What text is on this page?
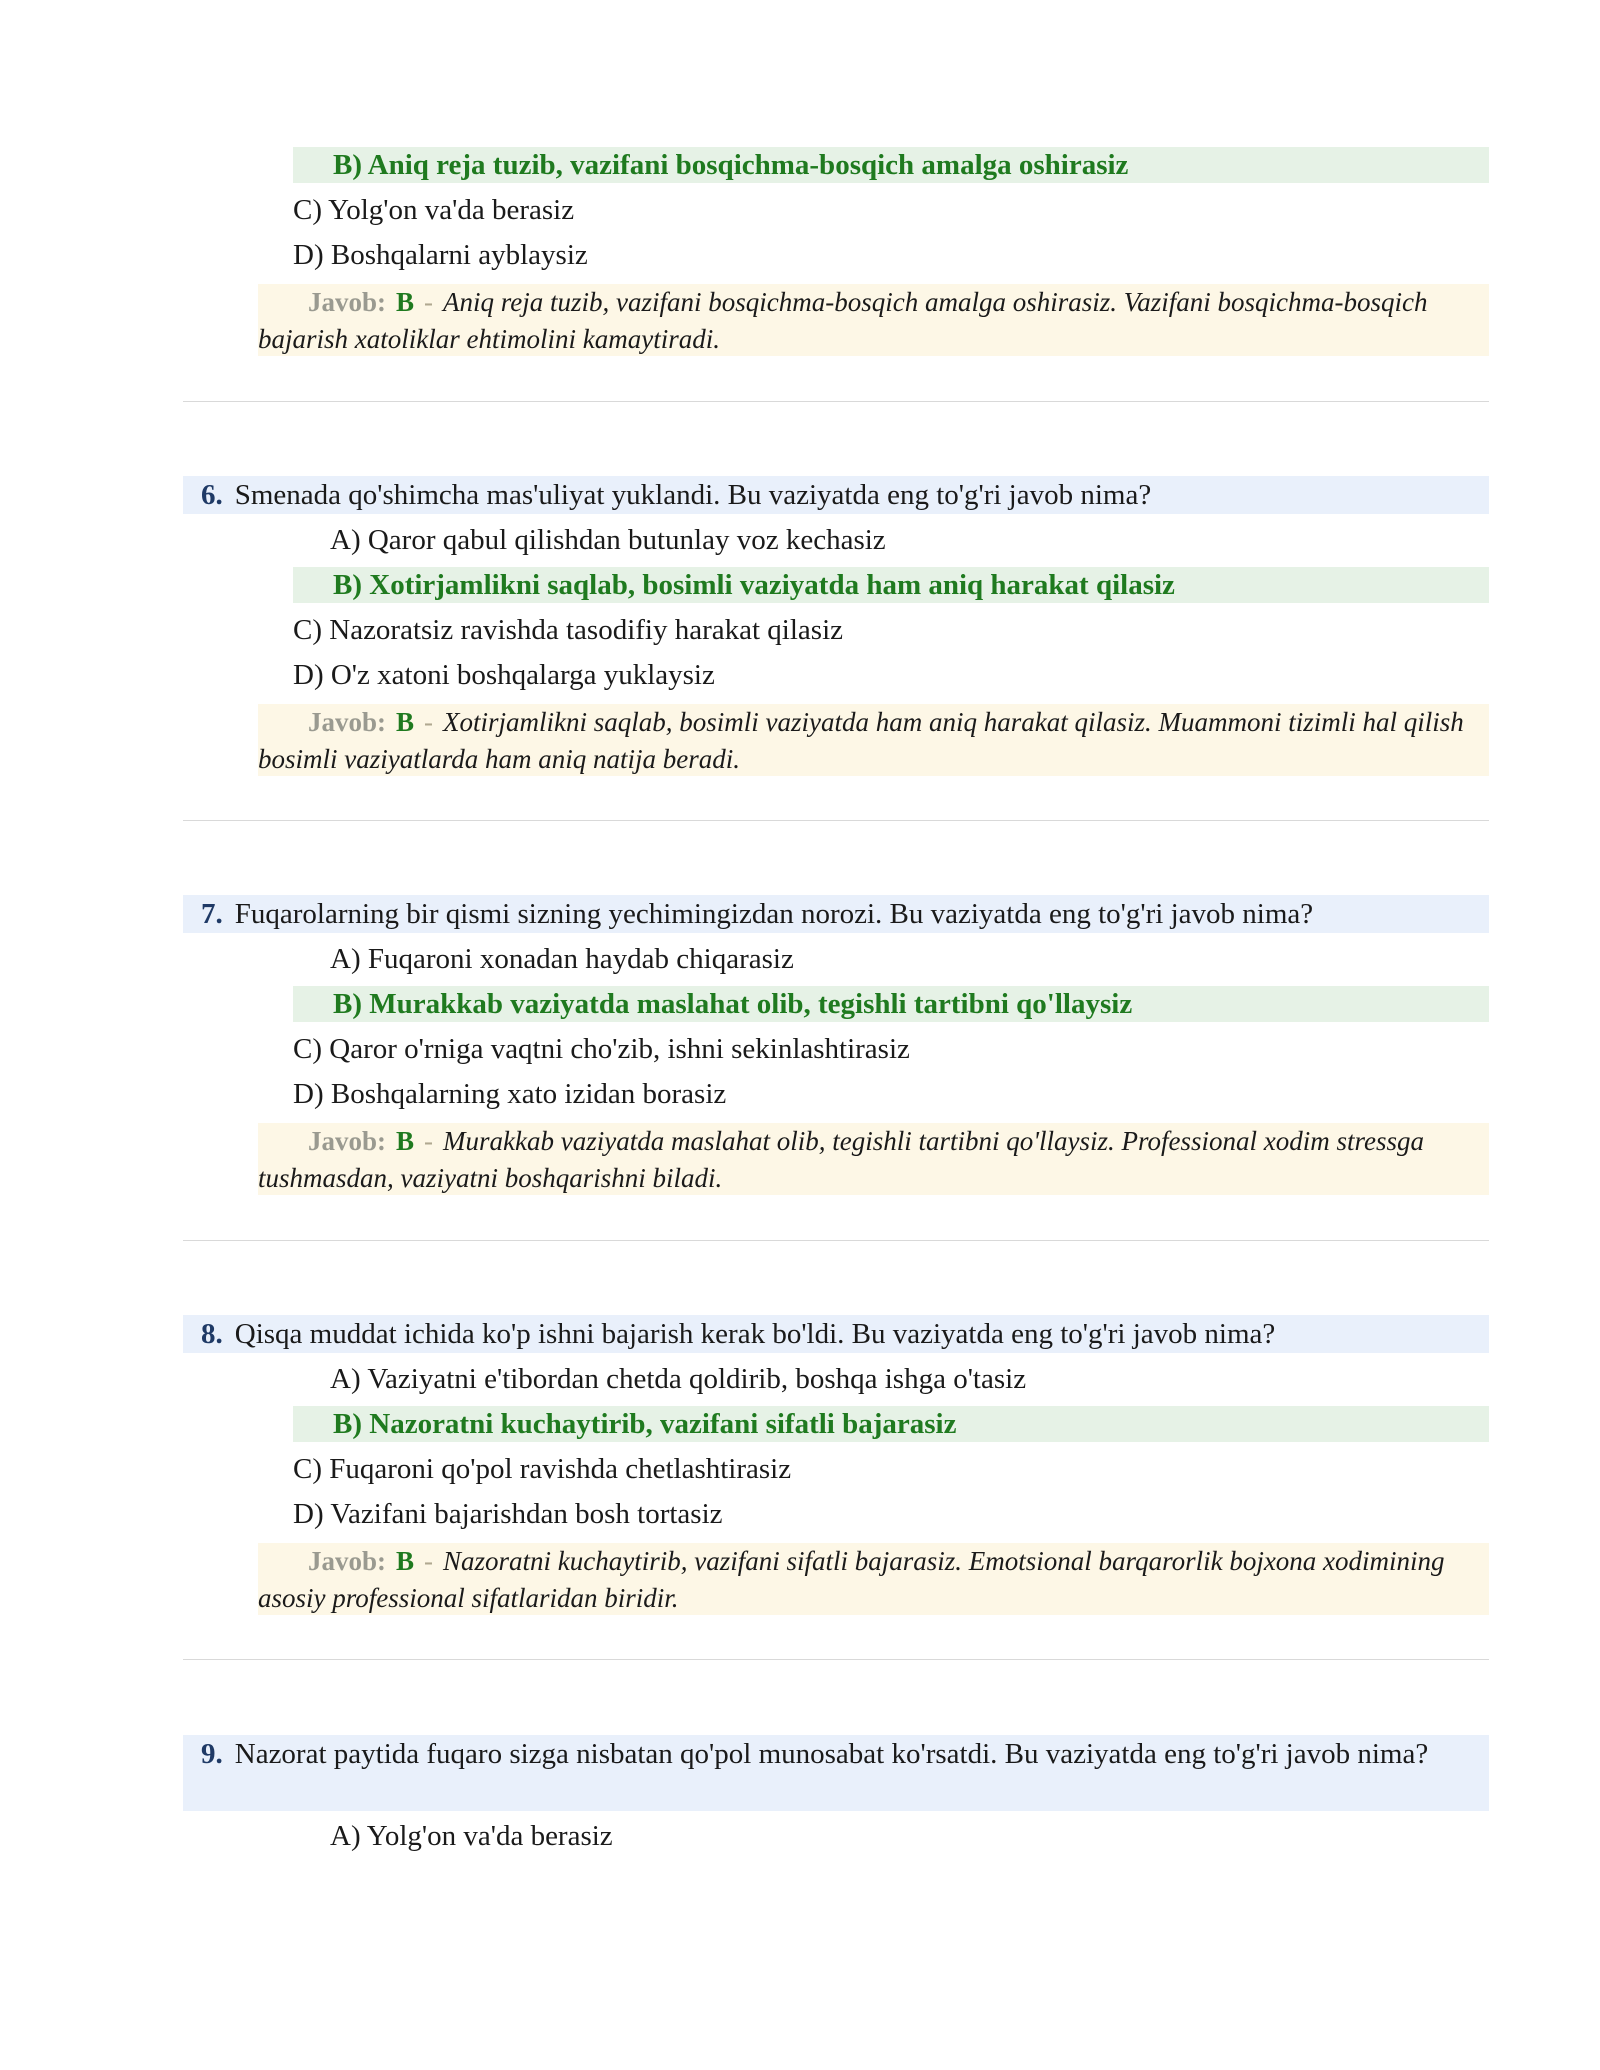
B) Aniq reja tuzib, vazifani bosqichma-bosqich amalga oshirasiz
C) Yolg'on va'da berasiz
D) Boshqalarni ayblaysiz

Javob: B - Aniq reja tuzib, vazifani bosqichma-bosqich amalga oshirasiz. Vazifani bosqichma-bosqich bajarish xatoliklar ehtimolini kamaytiradi.

6. Smenada qo'shimcha mas'uliyat yuklandi. Bu vaziyatda eng to'g'ri javob nima?

A) Qaror qabul qilishdan butunlay voz kechasiz
B) Xotirjamlikni saqlab, bosimli vaziyatda ham aniq harakat qilasiz
C) Nazoratsiz ravishda tasodifiy harakat qilasiz
D) O'z xatoni boshqalarga yuklaysiz

Javob: B - Xotirjamlikni saqlab, bosimli vaziyatda ham aniq harakat qilasiz. Muammoni tizimli hal qilish bosimli vaziyatlarda ham aniq natija beradi.

7. Fuqarolarning bir qismi sizning yechimingizdan norozi. Bu vaziyatda eng to'g'ri javob nima?

A) Fuqaroni xonadan haydab chiqarasiz
B) Murakkab vaziyatda maslahat olib, tegishli tartibni qo'llaysiz
C) Qaror o'rniga vaqtni cho'zib, ishni sekinlashtirasiz
D) Boshqalarning xato izidan borasiz

Javob: B - Murakkab vaziyatda maslahat olib, tegishli tartibni qo'llaysiz. Professional xodim stressga tushmasdan, vaziyatni boshqarishni biladi.

8. Qisqa muddat ichida ko'p ishni bajarish kerak bo'ldi. Bu vaziyatda eng to'g'ri javob nima?

A) Vaziyatni e'tibordan chetda qoldirib, boshqa ishga o'tasiz
B) Nazoratni kuchaytirib, vazifani sifatli bajarasiz
C) Fuqaroni qo'pol ravishda chetlashtirasiz
D) Vazifani bajarishdan bosh tortasiz

Javob: B - Nazoratni kuchaytirib, vazifani sifatli bajarasiz. Emotsional barqarorlik bojxona xodimining asosiy professional sifatlaridan biridir.

9. Nazorat paytida fuqaro sizga nisbatan qo'pol munosabat ko'rsatdi. Bu vaziyatda eng to'g'ri javob nima?

A) Yolg'on va'da berasiz
